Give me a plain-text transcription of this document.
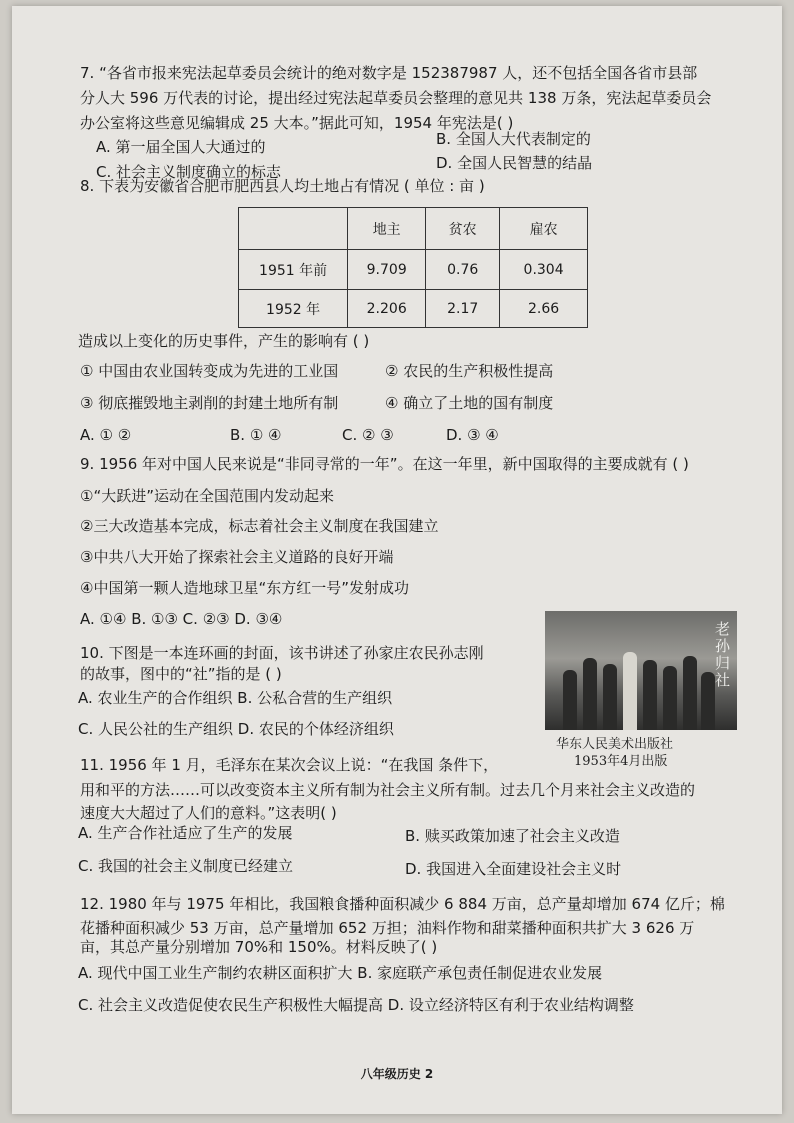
7. “各省市报来宪法起草委员会统计的绝对数字是 152387987 人，还不包括全国各省市县部
分人大 596 万代表的讨论，提出经过宪法起草委员会整理的意见共 138 万条，宪法起草委员会
办公室将这些意见编辑成 25 大本。”据此可知，1954 年宪法是( )
A. 第一届全国人大通过的	B. 全国人大代表制定的
C. 社会主义制度确立的标志	D. 全国人民智慧的结晶
8. 下表为安徽省合肥市肥西县人均土地占有情况 ( 单位 : 亩 )
	地主	贫农	雇农
1951 年前	9.709	0.76	0.304
1952 年	2.206	2.17	2.66
造成以上变化的历史事件，产生的影响有 ( )
① 中国由农业国转变成为先进的工业国	② 农民的生产积极性提高
③ 彻底摧毁地主剥削的封建土地所有制	④ 确立了土地的国有制度
A. ① ②	B. ① ④	C. ② ③	D. ③ ④
9. 1956 年对中国人民来说是“非同寻常的一年”。在这一年里，新中国取得的主要成就有 ( )
①“大跃进”运动在全国范围内发动起来
②三大改造基本完成，标志着社会主义制度在我国建立
③中共八大开始了探索社会主义道路的良好开端
④中国第一颗人造地球卫星“东方红一号”发射成功
A. ①④ B. ①③ C. ②③ D. ③④
10. 下图是一本连环画的封面，该书讲述了孙家庄农民孙志刚
的故事，图中的“社”指的是 ( )
A. 农业生产的合作组织 B. 公私合营的生产组织
C. 人民公社的生产组织 D. 农民的个体经济组织
老孙归社
华东人民美术出版社
1953年4月出版
11. 1956 年 1 月，毛泽东在某次会议上说：“在我国 条件下，
用和平的方法……可以改变资本主义所有制为社会主义所有制。过去几个月来社会主义改造的
速度大大超过了人们的意料。”这表明( )
A. 生产合作社适应了生产的发展	B. 赎买政策加速了社会主义改造
C. 我国的社会主义制度已经建立	D. 我国进入全面建设社会主义时
12. 1980 年与 1975 年相比，我国粮食播种面积减少 6 884 万亩，总产量却增加 674 亿斤；棉
花播种面积减少 53 万亩，总产量增加 652 万担；油料作物和甜菜播种面积共扩大 3 626 万
亩，其总产量分别增加 70%和 150%。材料反映了( )
A. 现代中国工业生产制约农耕区面积扩大 B. 家庭联产承包责任制促进农业发展
C. 社会主义改造促使农民生产积极性大幅提高 D. 设立经济特区有利于农业结构调整
八年级历史 2
